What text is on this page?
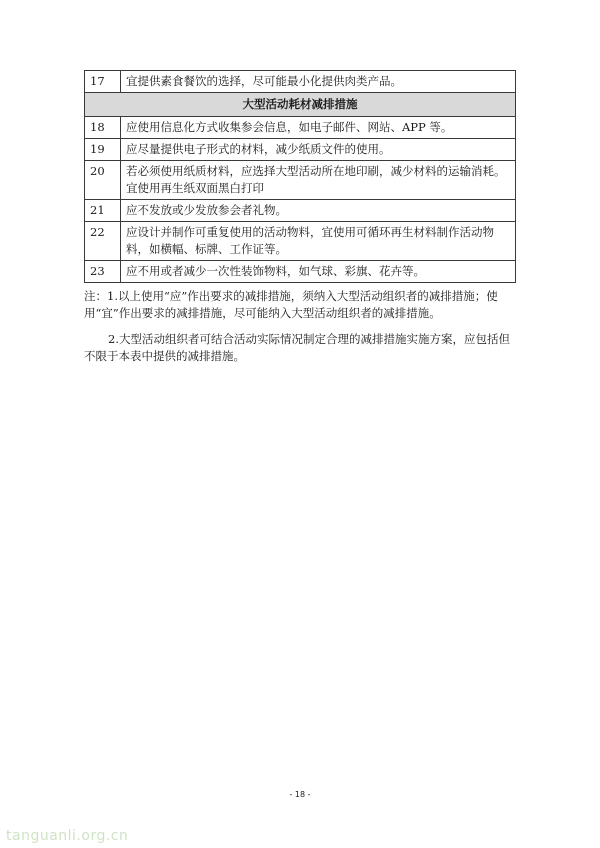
17	宜提供素食餐饮的选择，尽可能最小化提供肉类产品。
大型活动耗材减排措施	
18	应使用信息化方式收集参会信息，如电子邮件、网站、APP 等。
19	应尽量提供电子形式的材料，减少纸质文件的使用。
20	若必须使用纸质材料，应选择大型活动所在地印刷，减少材料的运输消耗。宜使用再生纸双面黑白打印
21	应不发放或少发放参会者礼物。
22	应设计并制作可重复使用的活动物料，宜使用可循环再生材料制作活动物料，如横幅、标牌、工作证等。
23	应不用或者减少一次性装饰物料，如气球、彩旗、花卉等。

注：1.以上使用“应”作出要求的减排措施，须纳入大型活动组织者的减排措施；使用“宜”作出要求的减排措施，尽可能纳入大型活动组织者的减排措施。

2.大型活动组织者可结合活动实际情况制定合理的减排措施实施方案，应包括但不限于本表中提供的减排措施。

- 18 -
tanguanli.org.cn
